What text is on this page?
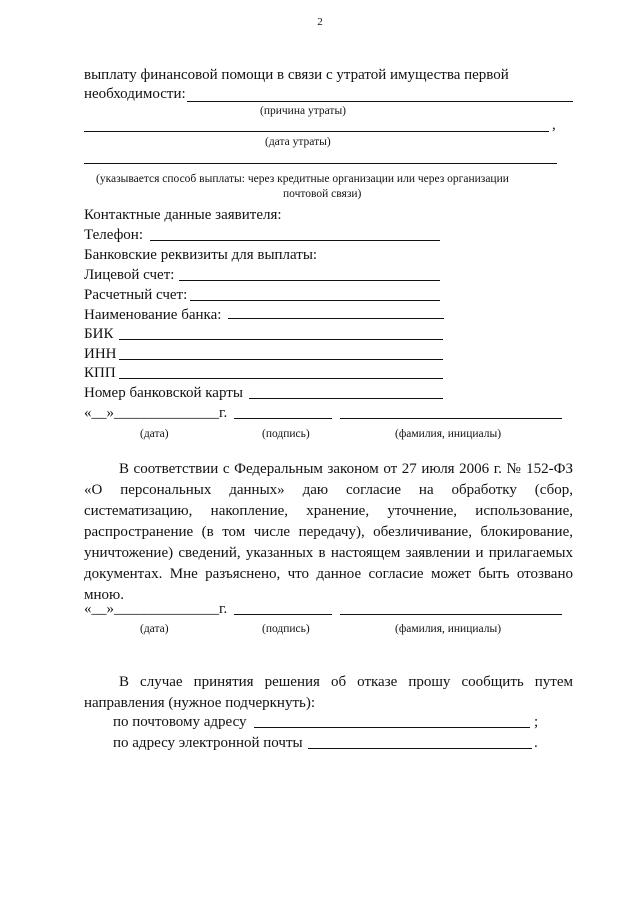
2
выплату финансовой помощи в связи с утратой имущества первой
необходимости:
(причина утраты)
,
(дата утраты)
(указывается способ выплаты: через кредитные организации или через организации
почтовой связи)
Контактные данные заявителя:
Телефон:
Банковские реквизиты для выплаты:
Лицевой счет:
Расчетный счет:
Наименование банка:
БИК
ИНН
КПП
Номер банковской карты
«__»______________ г.
(дата)	(подпись)	(фамилия, инициалы)
В соответствии с Федеральным законом от 27 июля 2006 г. № 152-ФЗ
«О персональных данных» даю согласие на обработку (сбор,
систематизацию, накопление, хранение, уточнение, использование,
распространение (в том числе передачу), обезличивание, блокирование,
уничтожение) сведений, указанных в настоящем заявлении и прилагаемых
документах. Мне разъяснено, что данное согласие может быть отозвано
мною.
«__»______________ г.
(дата)	(подпись)	(фамилия, инициалы)
В случае принятия решения об отказе прошу сообщить путем
направления (нужное подчеркнуть):
по почтовому адресу	;
по адресу электронной почты	.
